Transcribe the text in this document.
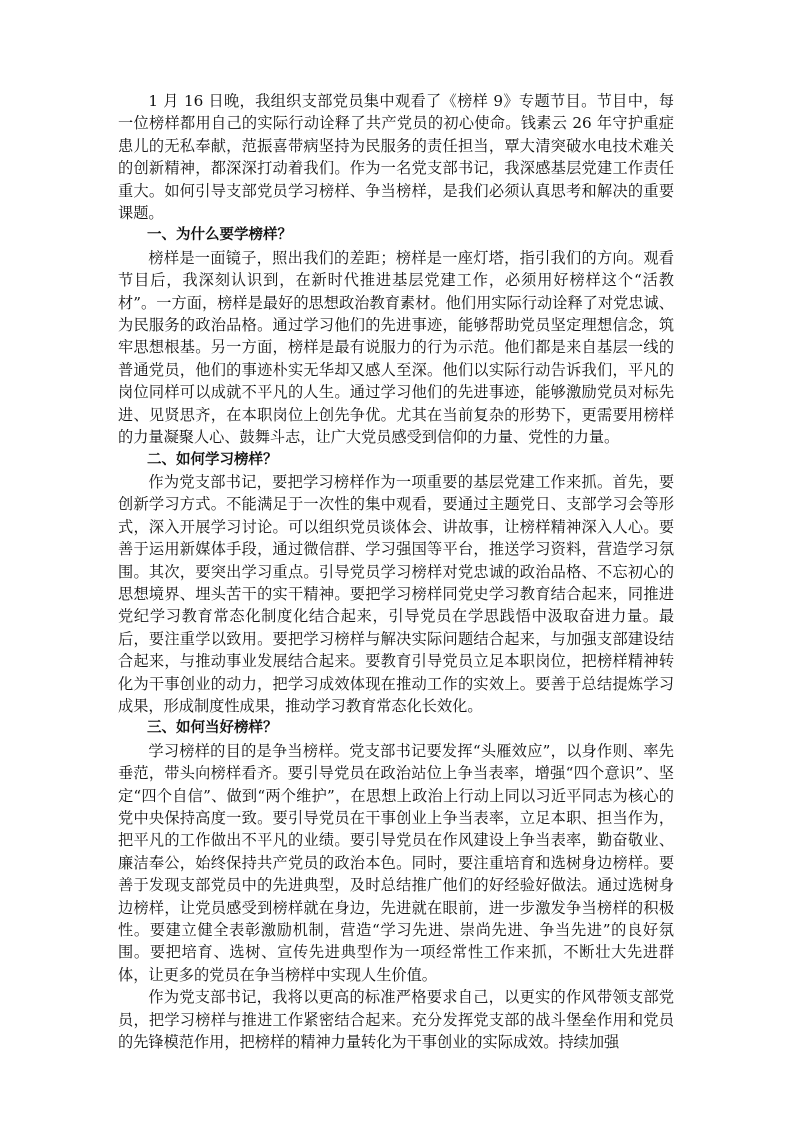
1 月 16 日晚，我组织支部党员集中观看了《榜样 9》专题节目。节目中，每一位榜样都用自己的实际行动诠释了共产党员的初心使命。钱素云 26 年守护重症患儿的无私奉献，范振喜带病坚持为民服务的责任担当，覃大清突破水电技术难关的创新精神，都深深打动着我们。作为一名党支部书记，我深感基层党建工作责任重大。如何引导支部党员学习榜样、争当榜样，是我们必须认真思考和解决的重要课题。

一、为什么要学榜样？

榜样是一面镜子，照出我们的差距；榜样是一座灯塔，指引我们的方向。观看节目后，我深刻认识到，在新时代推进基层党建工作，必须用好榜样这个“活教材”。一方面，榜样是最好的思想政治教育素材。他们用实际行动诠释了对党忠诚、为民服务的政治品格。通过学习他们的先进事迹，能够帮助党员坚定理想信念，筑牢思想根基。另一方面，榜样是最有说服力的行为示范。他们都是来自基层一线的普通党员，他们的事迹朴实无华却又感人至深。他们以实际行动告诉我们，平凡的岗位同样可以成就不平凡的人生。通过学习他们的先进事迹，能够激励党员对标先进、见贤思齐，在本职岗位上创先争优。尤其在当前复杂的形势下，更需要用榜样的力量凝聚人心、鼓舞斗志，让广大党员感受到信仰的力量、党性的力量。

二、如何学习榜样？

作为党支部书记，要把学习榜样作为一项重要的基层党建工作来抓。首先，要创新学习方式。不能满足于一次性的集中观看，要通过主题党日、支部学习会等形式，深入开展学习讨论。可以组织党员谈体会、讲故事，让榜样精神深入人心。要善于运用新媒体手段，通过微信群、学习强国等平台，推送学习资料，营造学习氛围。其次，要突出学习重点。引导党员学习榜样对党忠诚的政治品格、不忘初心的思想境界、埋头苦干的实干精神。要把学习榜样同党史学习教育结合起来，同推进党纪学习教育常态化制度化结合起来，引导党员在学思践悟中汲取奋进力量。最后，要注重学以致用。要把学习榜样与解决实际问题结合起来，与加强支部建设结合起来，与推动事业发展结合起来。要教育引导党员立足本职岗位，把榜样精神转化为干事创业的动力，把学习成效体现在推动工作的实效上。要善于总结提炼学习成果，形成制度性成果，推动学习教育常态化长效化。

三、如何当好榜样？

学习榜样的目的是争当榜样。党支部书记要发挥“头雁效应”，以身作则、率先垂范，带头向榜样看齐。要引导党员在政治站位上争当表率，增强“四个意识”、坚定“四个自信”、做到“两个维护”，在思想上政治上行动上同以习近平同志为核心的党中央保持高度一致。要引导党员在干事创业上争当表率，立足本职、担当作为，把平凡的工作做出不平凡的业绩。要引导党员在作风建设上争当表率，勤奋敬业、廉洁奉公，始终保持共产党员的政治本色。同时，要注重培育和选树身边榜样。要善于发现支部党员中的先进典型，及时总结推广他们的好经验好做法。通过选树身边榜样，让党员感受到榜样就在身边，先进就在眼前，进一步激发争当榜样的积极性。要建立健全表彰激励机制，营造“学习先进、崇尚先进、争当先进”的良好氛围。要把培育、选树、宣传先进典型作为一项经常性工作来抓，不断壮大先进群体，让更多的党员在争当榜样中实现人生价值。

作为党支部书记，我将以更高的标准严格要求自己，以更实的作风带领支部党员，把学习榜样与推进工作紧密结合起来。充分发挥党支部的战斗堡垒作用和党员的先锋模范作用，把榜样的精神力量转化为干事创业的实际成效。持续加强
